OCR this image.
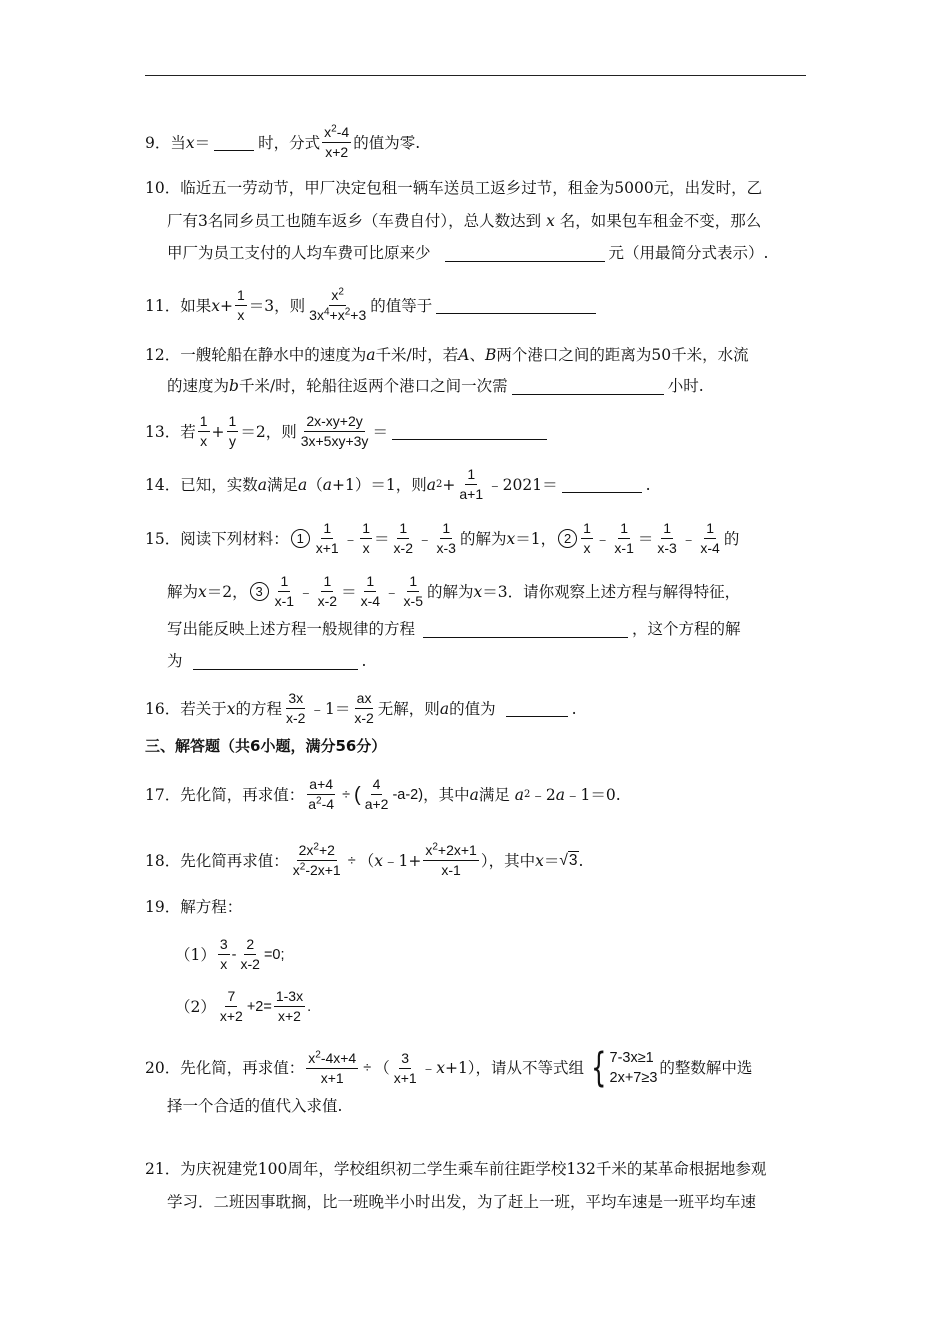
9． 当 x ＝	时，分式 $\frac{x^2-4}{x+2}$ 的值为零.
10． 临近五一劳动节，甲厂决定包租一辆车送员工返乡过节，租金为5000元，出发时，乙
厂有3名同乡员工也随车返乡（车费自付），总人数达到
x
名，如果包车租金不变，那么
甲厂为员工支付的人均车费可比原来少	元（用最简分式表示）.
11． 如果 $x + \frac{1}{x} =3$，则 $\frac{x^2}{3x^4+x^2+3}$ 的值等于
12． 一艘轮船在静水中的速度为 a 千米/时，若 A 、 B 两个港口之间的距离为50千米，水流
的速度为 b 千米/时，轮船往返两个港口之间一次需	小时.
13． 若 $\frac{1}{x} + \frac{1}{y} =2$，则 $\frac{2x-xy+2y}{3x+5xy+3y}$ ＝
14． 已知，实数 a 满足 a （ a +1）＝1，则 a $2 + \frac{1}{a+1}$ ﹣2021＝	.
15． 阅读下列材料： $1 \frac{1}{x+1}$ ﹣ $\frac{1}{x} = \frac{1}{x-2}$ ﹣ $\frac{1}{x-3}$ 的解为 x ＝1， $2 \frac{1}{x}$ ﹣ $\frac{1}{x-1} = \frac{1}{x-3}$ ﹣ $\frac{1}{x-4}$ 的
解为 x ＝2， $3 \frac{1}{x-1}$ ﹣ $\frac{1}{x-2} = \frac{1}{x-4}$ ﹣ $\frac{1}{x-5}$ 的解为 x ＝3．请你观察上述方程与解得特征，
写出能反映上述方程一般规律的方程	，这个方程的解
为	.
16． 若关于 x 的方程 $\frac{3x}{x-2}$ ﹣1＝ $\frac{ax}{x-2}$ 无解，则 a 的值为	.
三、解答题（共6小题，满分56分）
17． 先化简，再求值： $\frac{a+4}{a^2-4}$ ÷ ( $\frac{4}{a+2} -a-2$) ，其中 a 满足
a 2 ﹣2 a ﹣1＝0.
18． 先化简再求值： $\frac{2x^2+2}{x^2-2x+1}$ ÷ （ x ﹣1+ $\frac{x^2+2x+1}{x-1}$ ），其中 x ＝ √3 .
19． 解方程：
$(1) \frac{3}{x} - \frac{2}{x-2} =0$;
$(2) \frac{7}{x+2} +2= \frac{1-3x}{x+2}$ .
20． 先化简，再求值： $\frac{x^2-4x+4}{x+1}$ ÷ （ $\frac{3}{x+1}$ ﹣ x +1），请从不等式组 { 7-3x≥1
2x+7≥3
的整数解中选
择一个合适的值代入求值.
21． 为庆祝建党100周年，学校组织初二学生乘车前往距学校132千米的某革命根据地参观
学习．二班因事耽搁，比一班晚半小时出发，为了赶上一班，平均车速是一班平均车速
